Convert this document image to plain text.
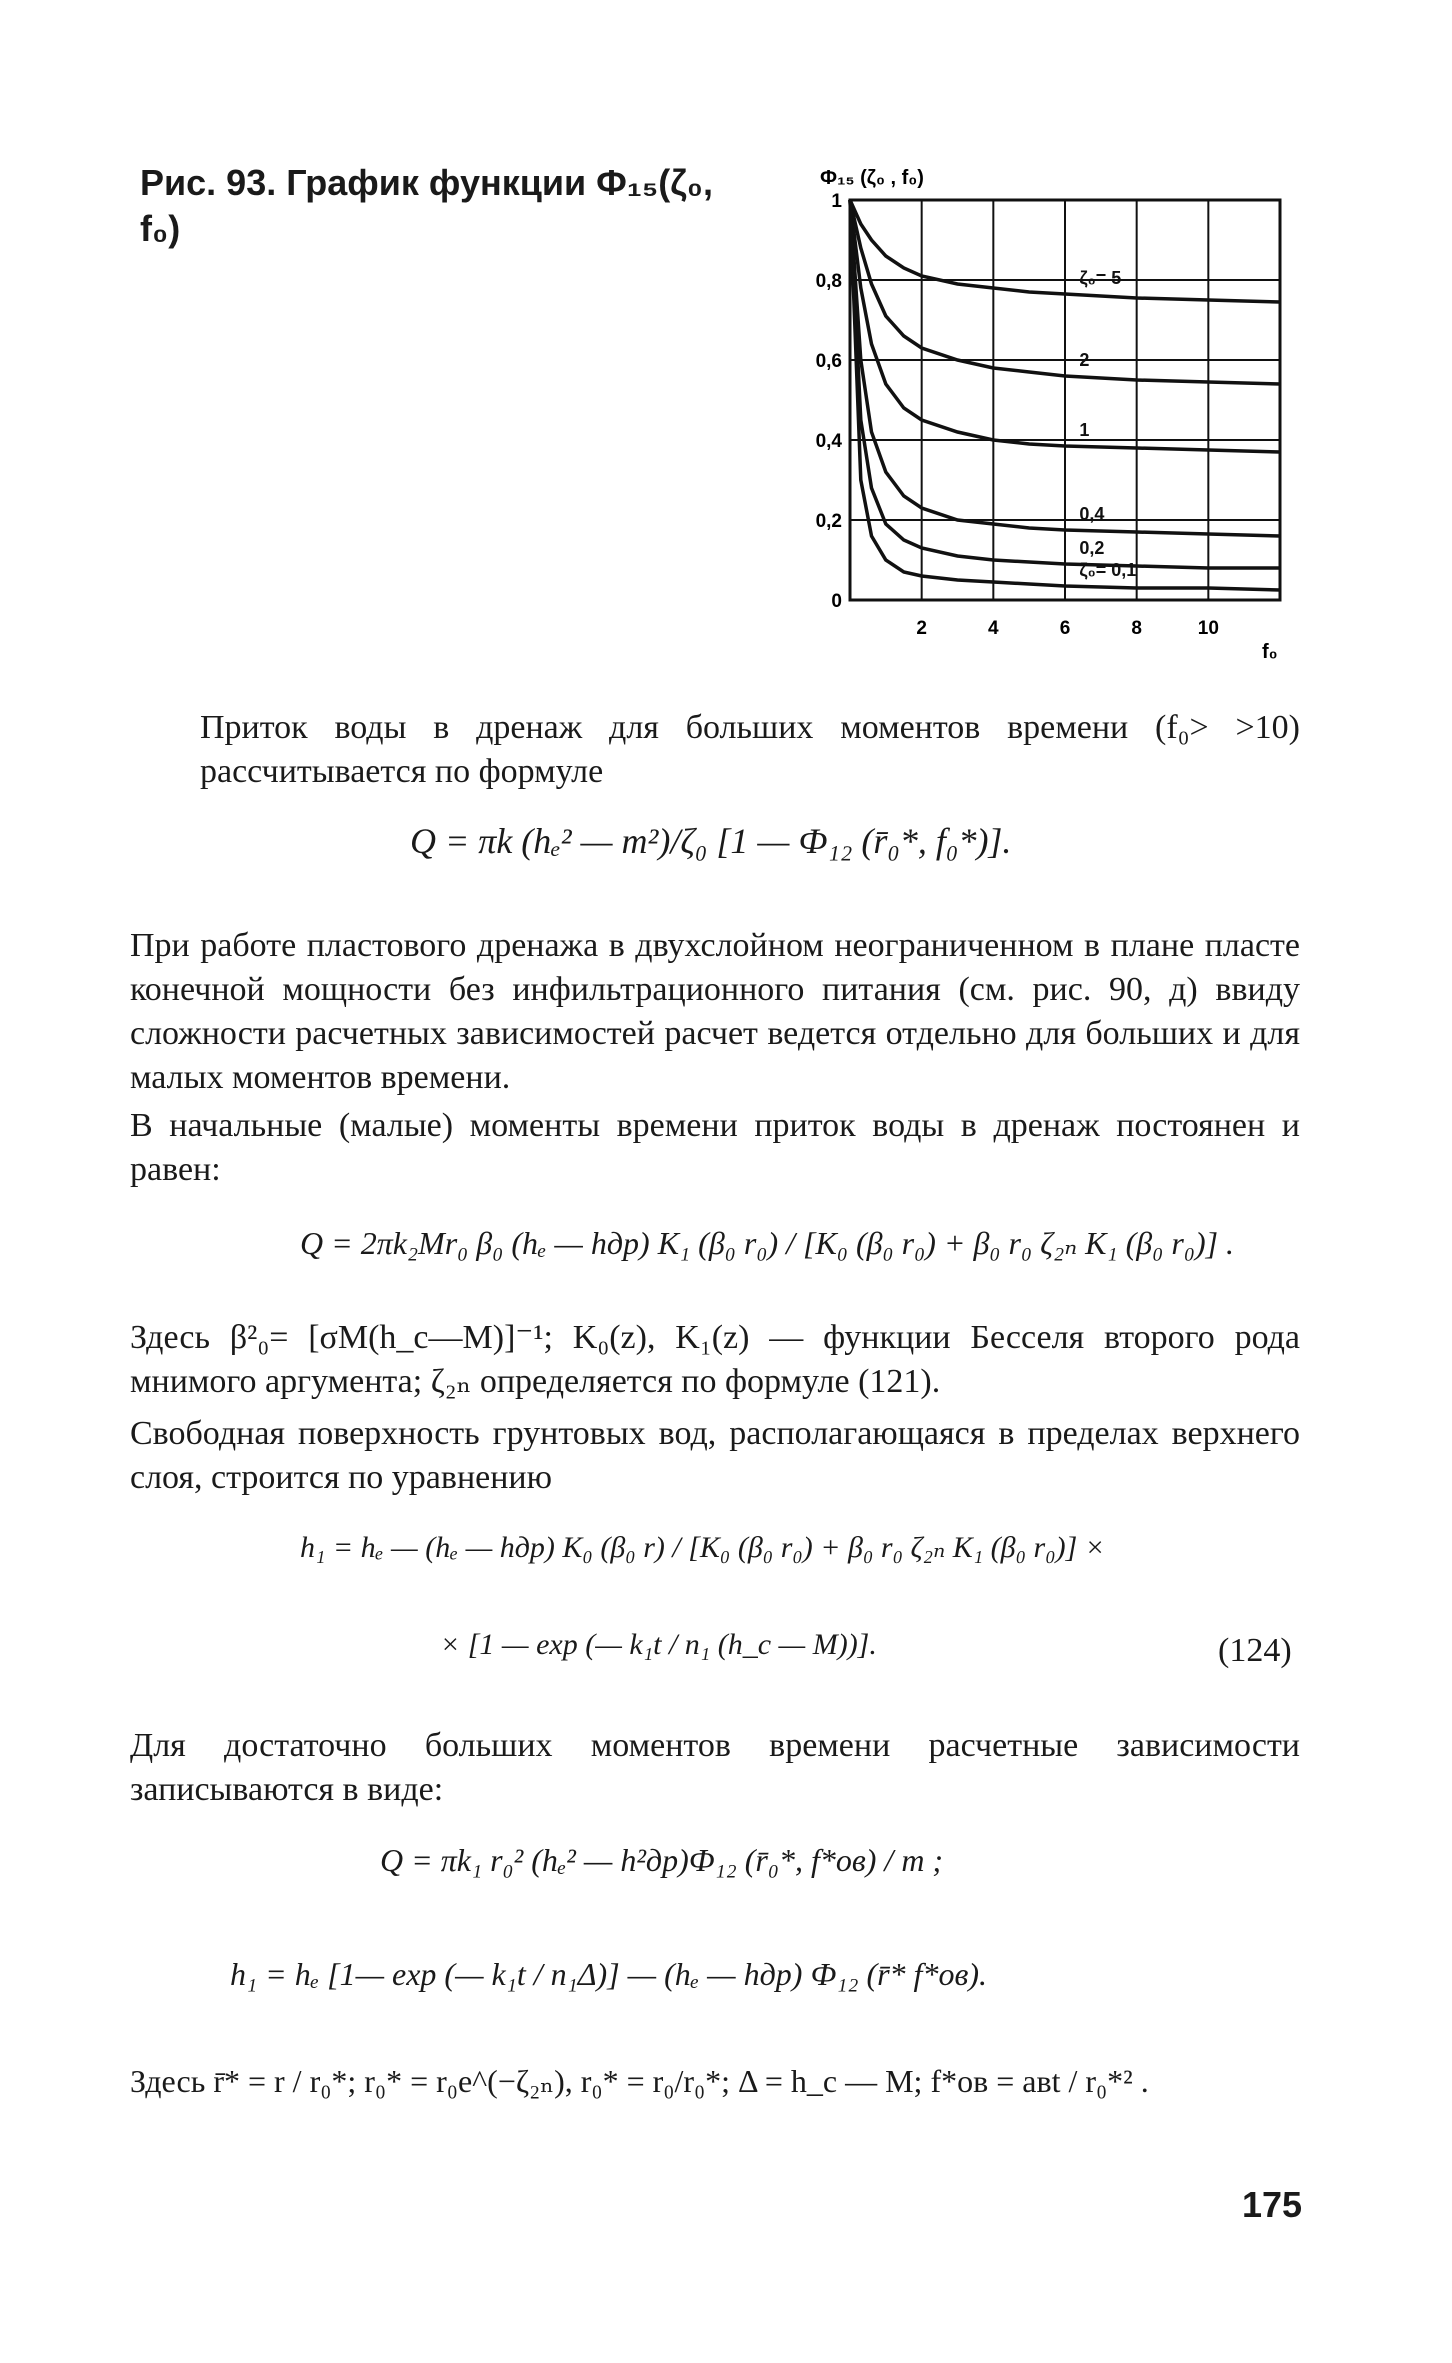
Рис. 93. График функции Ф₁₅(ζ₀, f₀)
Ф₁₅ (ζ₀ , f₀)
0
0,2
0,4
0,6
0,8
1
2	4	6	8	10
ζ₀= 5
2
1
0,4
0,2
ζ₀= 0,1
f₀
Приток воды в дренаж для больших моментов времени (f₀> >10) рассчитывается по формуле
Q = πk (hₑ² — m²)/ζ₀ [1 — Ф₁₂ (r̄₀*, f₀*)].
При работе пластового дренажа в двухслойном неограниченном в плане пласте конечной мощности без инфильтрационного питания (см. рис. 90, д) ввиду сложности расчетных зависимостей расчет ведется отдельно для больших и для малых моментов времени.
В начальные (малые) моменты времени приток воды в дренаж постоянен и равен:
Q = 2πk₂Mr₀ β₀ (hₑ — hдр) K₁ (β₀ r₀) / [K₀ (β₀ r₀) + β₀ r₀ ζ₂ₙ K₁ (β₀ r₀)] .
Здесь β²₀= [σM(h_c—M)]⁻¹; K₀(z), K₁(z) — функции Бесселя второго рода мнимого аргумента; ζ₂ₙ определяется по формуле (121).
Свободная поверхность грунтовых вод, располагающаяся в пределах верхнего слоя, строится по уравнению
h₁ = hₑ — (hₑ — hдр) K₀ (β₀ r) / [K₀ (β₀ r₀) + β₀ r₀ ζ₂ₙ K₁ (β₀ r₀)] ×
× [1 — exp (— k₁t / n₁ (h_c — M))].	(124)
Для достаточно больших моментов времени расчетные зависимости записываются в виде:
Q = πk₁ r₀² (hₑ² — h²др)Ф₁₂ (r̄₀*, f*ов) / m ;
h₁ = hₑ [1— exp (— k₁t / n₁Δ)] — (hₑ — hдр) Ф₁₂ (r̄* f*ов).
Здесь r̄* = r / r₀*; r₀* = r₀e^(−ζ₂ₙ), r₀* = r₀/r₀*; Δ = h_c — M; f*ов = aвt / r₀*² .
175
